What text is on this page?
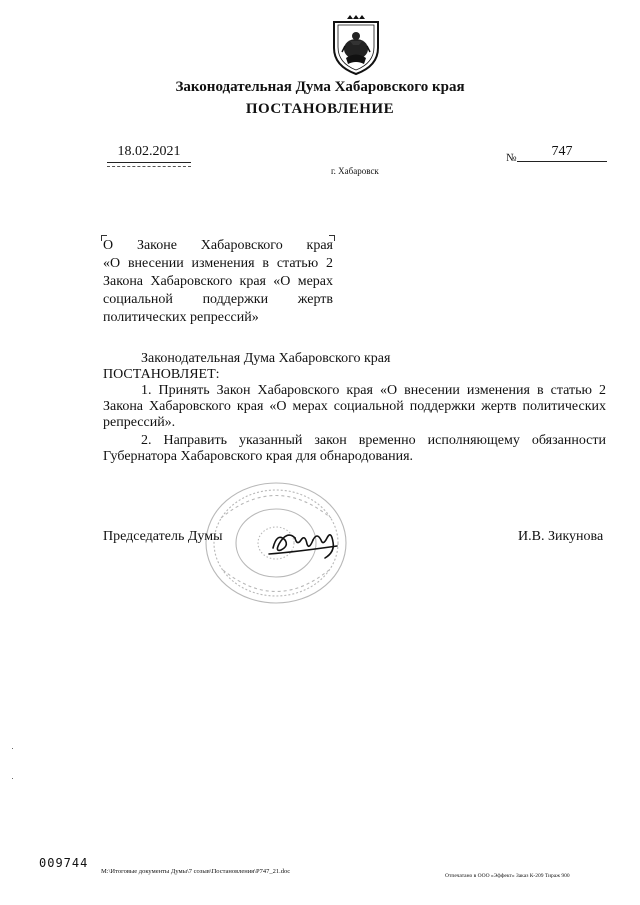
Законодательная Дума Хабаровского края
ПОСТАНОВЛЕНИЕ
18.02.2021	№	747
г. Хабаровск
О Законе Хабаровского края
«О внесении изменения в статью 2
Закона Хабаровского края «О мерах
социальной поддержки жертв
политических репрессий»
Законодательная Дума Хабаровского края
ПОСТАНОВЛЯЕТ:
1. Принять Закон Хабаровского края «О внесении изменения в статью 2 Закона Хабаровского края «О мерах социальной поддержки жертв политических репрессий».
2. Направить указанный закон временно исполняющему обязанности Губернатора Хабаровского края для обнародования.
Председатель Думы	И.В. Зикунова
009744
М:\Итоговые документы Думы\7 созыв\Постановления\P747_21.doc
Отпечатано в ООО «Эффект» Заказ К-209 Тираж 900
